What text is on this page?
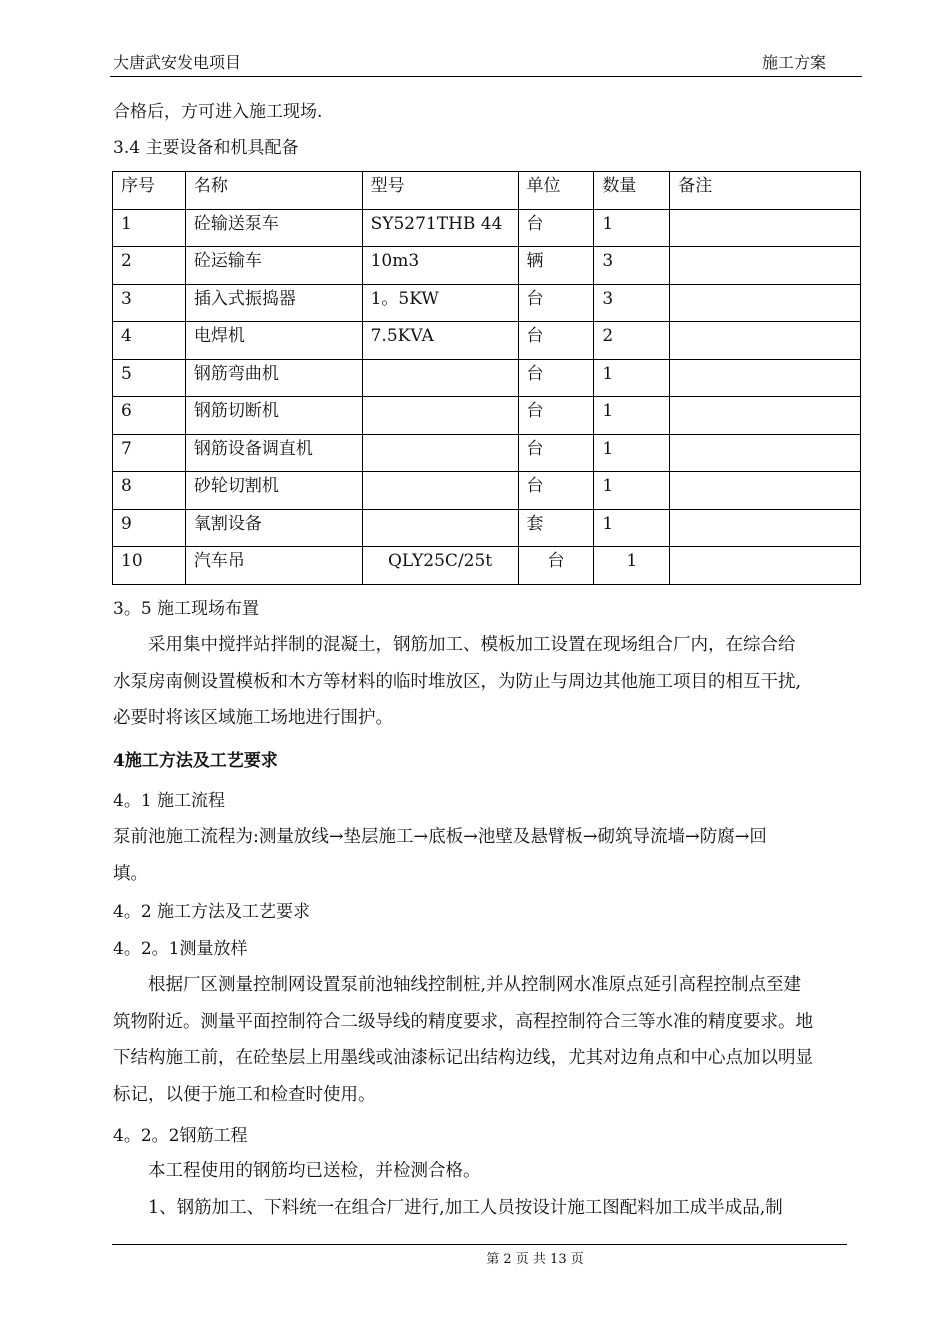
大唐武安发电项目	施工方案
合格后，方可进入施工现场.
3.4 主要设备和机具配备
序号	名称	型号	单位	数量	备注
1	砼输送泵车	SY5271THB 44	台	1	
2	砼运输车	10m3	辆	3	
3	插入式振捣器	1。5KW	台	3	
4	电焊机	7.5KVA	台	2	
5	钢筋弯曲机		台	1	
6	钢筋切断机		台	1	
7	钢筋设备调直机		台	1	
8	砂轮切割机		台	1	
9	氧割设备		套	1	
10	汽车吊	QLY25C/25t	台	1	
3。5 施工现场布置

　　采用集中搅拌站拌制的混凝土，钢筋加工、模板加工设置在现场组合厂内，在综合给

水泵房南侧设置模板和木方等材料的临时堆放区，为防止与周边其他施工项目的相互干扰,

必要时将该区域施工场地进行围护。

4施工方法及工艺要求
4。1 施工流程

泵前池施工流程为:测量放线→垫层施工→底板→池壁及悬臂板→砌筑导流墙→防腐→回

填。

4。2 施工方法及工艺要求
4。2。1测量放样

　　根据厂区测量控制网设置泵前池轴线控制桩,并从控制网水准原点延引高程控制点至建

筑物附近。测量平面控制符合二级导线的精度要求，高程控制符合三等水准的精度要求。地

下结构施工前，在砼垫层上用墨线或油漆标记出结构边线，尤其对边角点和中心点加以明显

标记，以便于施工和检查时使用。

4。2。2钢筋工程

　　本工程使用的钢筋均已送检，并检测合格。

　　1、钢筋加工、下料统一在组合厂进行,加工人员按设计施工图配料加工成半成品,制

第 2 页 共 13 页
